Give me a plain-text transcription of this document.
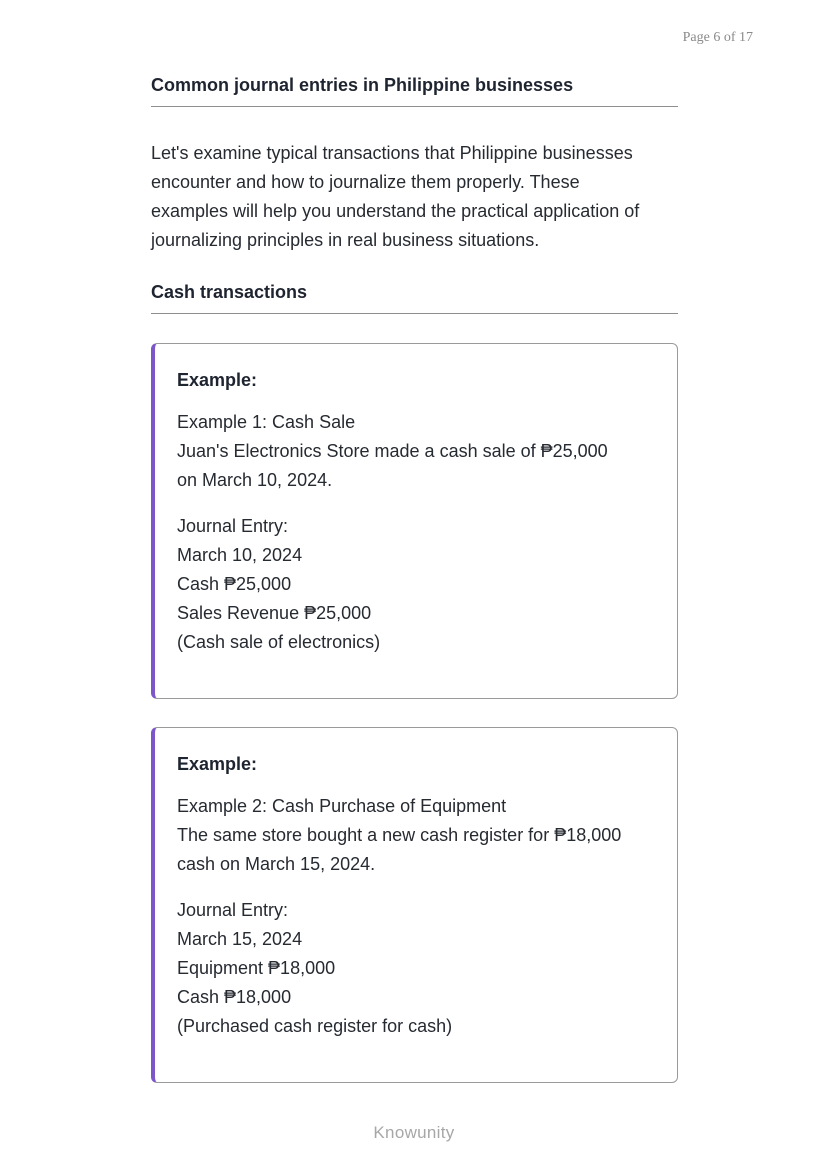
Page 6 of 17
Common journal entries in Philippine businesses
Let's examine typical transactions that Philippine businesses
encounter and how to journalize them properly. These
examples will help you understand the practical application of
journalizing principles in real business situations.
Cash transactions

Example:

Example 1: Cash Sale

Juan's Electronics Store made a cash sale of ₱25,000

on March 10, 2024.

Journal Entry:

March 10, 2024

Cash ₱25,000

Sales Revenue ₱25,000

(Cash sale of electronics)

Example:

Example 2: Cash Purchase of Equipment

The same store bought a new cash register for ₱18,000

cash on March 15, 2024.

Journal Entry:

March 15, 2024

Equipment ₱18,000

Cash ₱18,000

(Purchased cash register for cash)

Knowunity
